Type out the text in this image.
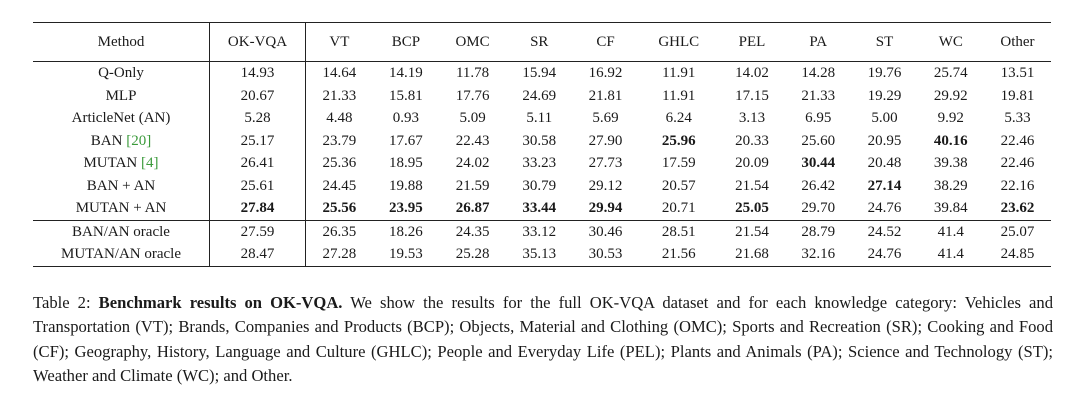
Method	OK-VQA	VT	BCP	OMC	SR	CF	GHLC	PEL	PA	ST	WC	Other
Q-Only	14.93	14.64	14.19	11.78	15.94	16.92	11.91	14.02	14.28	19.76	25.74	13.51
MLP	20.67	21.33	15.81	17.76	24.69	21.81	11.91	17.15	21.33	19.29	29.92	19.81
ArticleNet (AN)	5.28	4.48	0.93	5.09	5.11	5.69	6.24	3.13	6.95	5.00	9.92	5.33
BAN [20]	25.17	23.79	17.67	22.43	30.58	27.90	25.96	20.33	25.60	20.95	40.16	22.46
MUTAN [4]	26.41	25.36	18.95	24.02	33.23	27.73	17.59	20.09	30.44	20.48	39.38	22.46
BAN + AN	25.61	24.45	19.88	21.59	30.79	29.12	20.57	21.54	26.42	27.14	38.29	22.16
MUTAN + AN	27.84	25.56	23.95	26.87	33.44	29.94	20.71	25.05	29.70	24.76	39.84	23.62
BAN/AN oracle	27.59	26.35	18.26	24.35	33.12	30.46	28.51	21.54	28.79	24.52	41.4	25.07
MUTAN/AN oracle	28.47	27.28	19.53	25.28	35.13	30.53	21.56	21.68	32.16	24.76	41.4	24.85

Table 2: Benchmark results on OK-VQA. We show the results for the full OK-VQA dataset and for each knowledge category: Vehicles and Transportation (VT); Brands, Companies and Products (BCP); Objects, Material and Clothing (OMC); Sports and Recreation (SR); Cooking and Food (CF); Geography, History, Language and Culture (GHLC); People and Everyday Life (PEL); Plants and Animals (PA); Science and Technology (ST); Weather and Climate (WC); and Other.
